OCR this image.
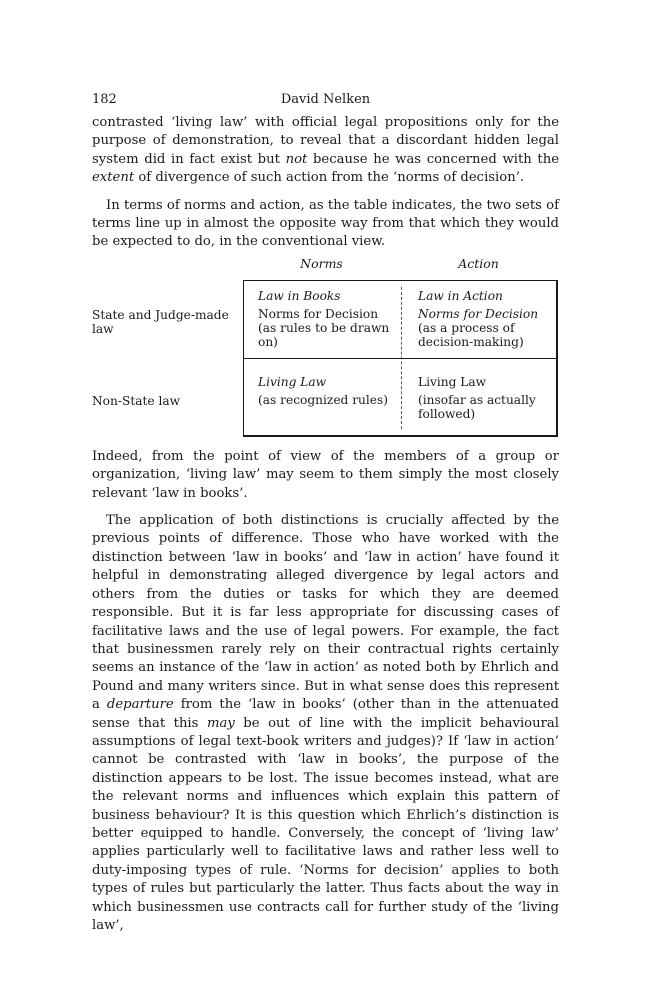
182	David Nelken

contrasted ‘living law’ with official legal propositions only for the purpose of demonstration, to reveal that a discordant hidden legal system did in fact exist but not because he was concerned with the extent of divergence of such action from the ‘norms of decision’.

In terms of norms and action, as the table indicates, the two sets of terms line up in almost the opposite way from that which they would be expected to do, in the conventional view.

Norms	Action
State and Judge-made law
Non-State law
Law in Books
Norms for Decision (as rules to be drawn on)
Law in Action
Norms for Decision
(as a process of decision-making)
Living Law
(as recognized rules)
Living Law
(insofar as actually followed)

Indeed, from the point of view of the members of a group or organization, ‘living law’ may seem to them simply the most closely relevant ‘law in books’.

The application of both distinctions is crucially affected by the previous points of difference. Those who have worked with the distinction between ‘law in books’ and ‘law in action’ have found it helpful in demonstrating alleged divergence by legal actors and others from the duties or tasks for which they are deemed responsible. But it is far less appropriate for discussing cases of facilitative laws and the use of legal powers. For example, the fact that businessmen rarely rely on their contractual rights certainly seems an instance of the ‘law in action’ as noted both by Ehrlich and Pound and many writers since. But in what sense does this represent a departure from the ‘law in books’ (other than in the attenuated sense that this may be out of line with the implicit behavioural assumptions of legal text-book writers and judges)? If ‘law in action’ cannot be contrasted with ‘law in books’, the purpose of the distinction appears to be lost. The issue becomes instead, what are the relevant norms and influences which explain this pattern of business behaviour? It is this question which Ehrlich’s distinction is better equipped to handle. Conversely, the concept of ‘living law’ applies particularly well to facilitative laws and rather less well to duty-imposing types of rule. ‘Norms for decision’ applies to both types of rules but particularly the latter. Thus facts about the way in which businessmen use contracts call for further study of the ‘living law’,
